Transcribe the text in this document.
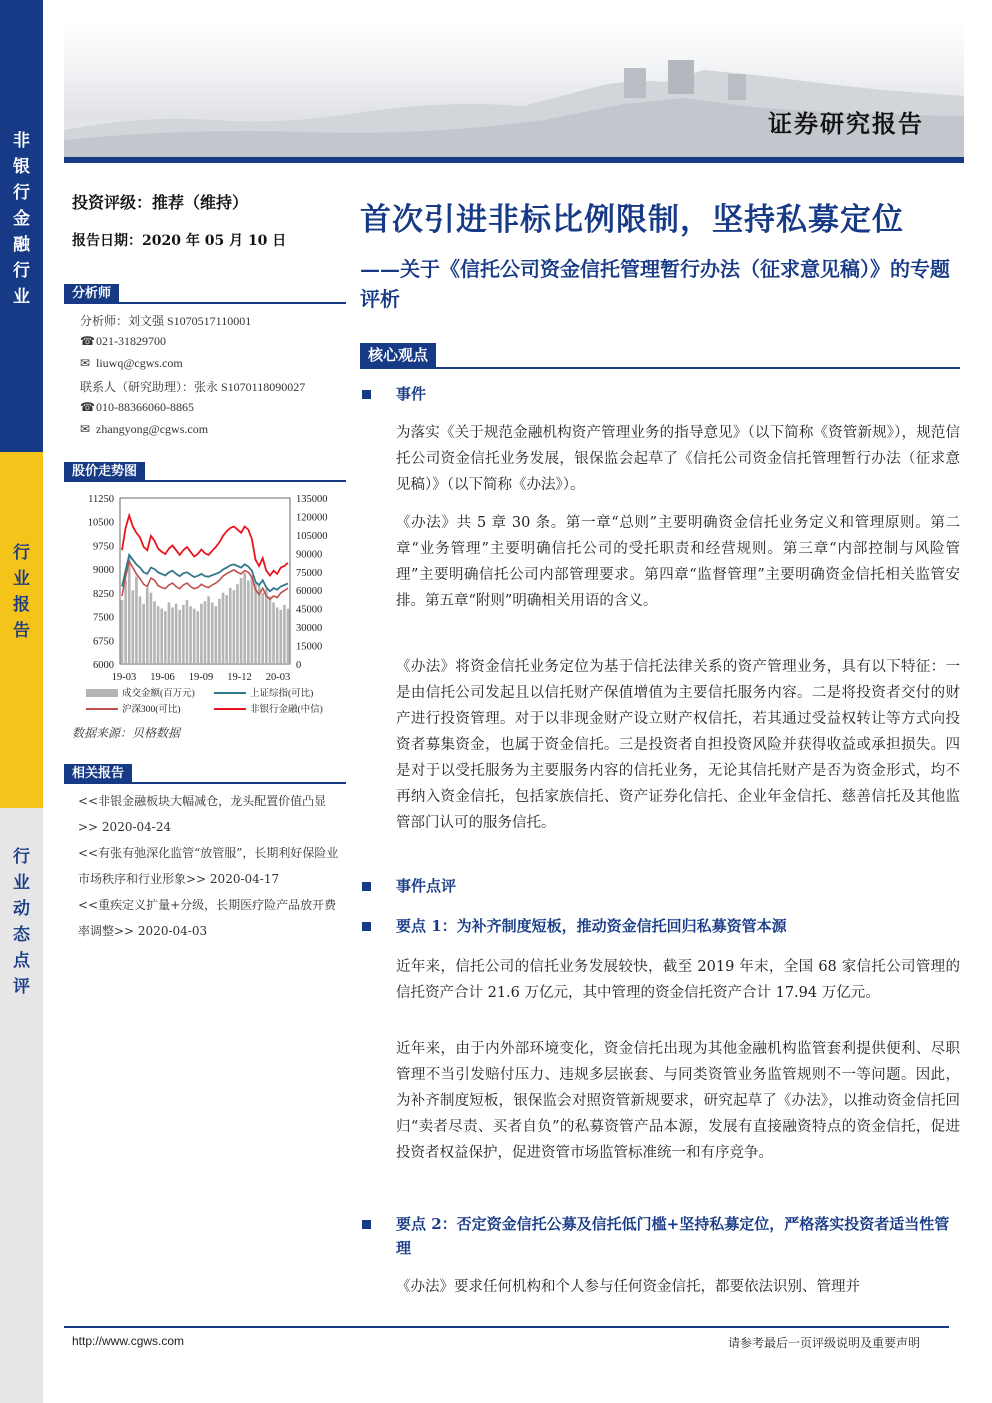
非
银
行
金
融
行
业
行
业
报
告
行
业
动
态
点
评
证券研究报告
投资评级：推荐（维持）
报告日期：2020 年 05 月 10 日
分析师
分析师：刘文强 S1070517110001
☎021-31829700
✉ liuwq@cgws.com
联系人（研究助理）：张永 S1070118090027
☎010-88366060-8865
✉ zhangyong@cgws.com
股价走势图
数据来源：贝格数据
相关报告
<<非银金融板块大幅减仓，龙头配置价值凸显>> 2020-04-24
<<有张有弛深化监管“放管服”，长期利好保险业市场秩序和行业形象>> 2020-04-17
<<重疾定义扩量+分级，长期医疗险产品放开费率调整>> 2020-04-03
11250
10500
9750
9000
8250
7500
6750
6000
135000
120000
105000
90000
75000
60000
45000
30000
15000
0
19-03 19-06 19-09 19-12 20-03
成交金额(百万元)	上证综指(可比)
沪深300(可比)	非银行金融(中信)
首次引进非标比例限制，坚持私募定位
——关于《信托公司资金信托管理暂行办法（征求意见稿）》的专题评析
核心观点
事件
为落实《关于规范金融机构资产管理业务的指导意见》（以下简称《资管新规》），规范信托公司资金信托业务发展，银保监会起草了《信托公司资金信托管理暂行办法（征求意见稿）》（以下简称《办法》）。
《办法》共 5 章 30 条。第一章“总则”主要明确资金信托业务定义和管理原则。第二章“业务管理”主要明确信托公司的受托职责和经营规则。第三章“内部控制与风险管理”主要明确信托公司内部管理要求。第四章“监督管理”主要明确资金信托相关监管安排。第五章“附则”明确相关用语的含义。
《办法》将资金信托业务定位为基于信托法律关系的资产管理业务，具有以下特征：一是由信托公司发起且以信托财产保值增值为主要信托服务内容。二是将投资者交付的财产进行投资管理。对于以非现金财产设立财产权信托，若其通过受益权转让等方式向投资者募集资金，也属于资金信托。三是投资者自担投资风险并获得收益或承担损失。四是对于以受托服务为主要服务内容的信托业务，无论其信托财产是否为资金形式，均不再纳入资金信托，包括家族信托、资产证券化信托、企业年金信托、慈善信托及其他监管部门认可的服务信托。
事件点评
要点 1：为补齐制度短板，推动资金信托回归私募资管本源
近年来，信托公司的信托业务发展较快，截至 2019 年末，全国 68 家信托公司管理的信托资产合计 21.6 万亿元，其中管理的资金信托资产合计 17.94 万亿元。
近年来，由于内外部环境变化，资金信托出现为其他金融机构监管套利提供便利、尽职管理不当引发赔付压力、违规多层嵌套、与同类资管业务监管规则不一等问题。因此，为补齐制度短板，银保监会对照资管新规要求，研究起草了《办法》，以推动资金信托回归“卖者尽责、买者自负”的私募资管产品本源，发展有直接融资特点的资金信托，促进投资者权益保护，促进资管市场监管标准统一和有序竞争。
要点 2：否定资金信托公募及信托低门槛+坚持私募定位，严格落实投资者适当性管理
《办法》要求任何机构和个人参与任何资金信托，都要依法识别、管理并
http://www.cgws.com	请参考最后一页评级说明及重要声明
